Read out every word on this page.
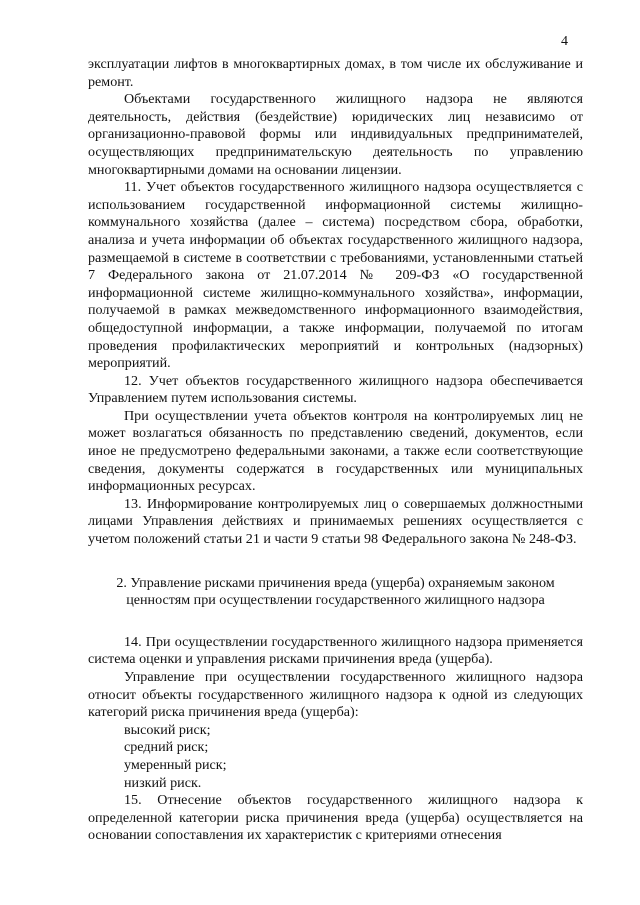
4

эксплуатации лифтов в многоквартирных домах, в том числе их обслуживание и ремонт.

Объектами государственного жилищного надзора не являются деятельность, действия (бездействие) юридических лиц независимо от организационно-правовой формы или индивидуальных предпринимателей, осуществляющих предпринимательскую деятельность по управлению многоквартирными домами на основании лицензии.

11. Учет объектов государственного жилищного надзора осуществляется с использованием государственной информационной системы жилищно-коммунального хозяйства (далее – система) посредством сбора, обработки, анализа и учета информации об объектах государственного жилищного надзора, размещаемой в системе в соответствии с требованиями, установленными статьей 7 Федерального закона от 21.07.2014 № 209-ФЗ «О государственной информационной системе жилищно-коммунального хозяйства», информации, получаемой в рамках межведомственного информационного взаимодействия, общедоступной информации, а также информации, получаемой по итогам проведения профилактических мероприятий и контрольных (надзорных) мероприятий.

12. Учет объектов государственного жилищного надзора обеспечивается Управлением путем использования системы.

При осуществлении учета объектов контроля на контролируемых лиц не может возлагаться обязанность по представлению сведений, документов, если иное не предусмотрено федеральными законами, а также если соответствующие сведения, документы содержатся в государственных или муниципальных информационных ресурсах.

13. Информирование контролируемых лиц о совершаемых должностными лицами Управления действиях и принимаемых решениях осуществляется с учетом положений статьи 21 и части 9 статьи 98 Федерального закона № 248-ФЗ.

2. Управление рисками причинения вреда (ущерба) охраняемым законом
ценностям при осуществлении государственного жилищного надзора

14. При осуществлении государственного жилищного надзора применяется система оценки и управления рисками причинения вреда (ущерба).

Управление при осуществлении государственного жилищного надзора относит объекты государственного жилищного надзора к одной из следующих категорий риска причинения вреда (ущерба):

высокий риск;

средний риск;

умеренный риск;

низкий риск.

15. Отнесение объектов государственного жилищного надзора к определенной категории риска причинения вреда (ущерба) осуществляется на основании сопоставления их характеристик с критериями отнесения
